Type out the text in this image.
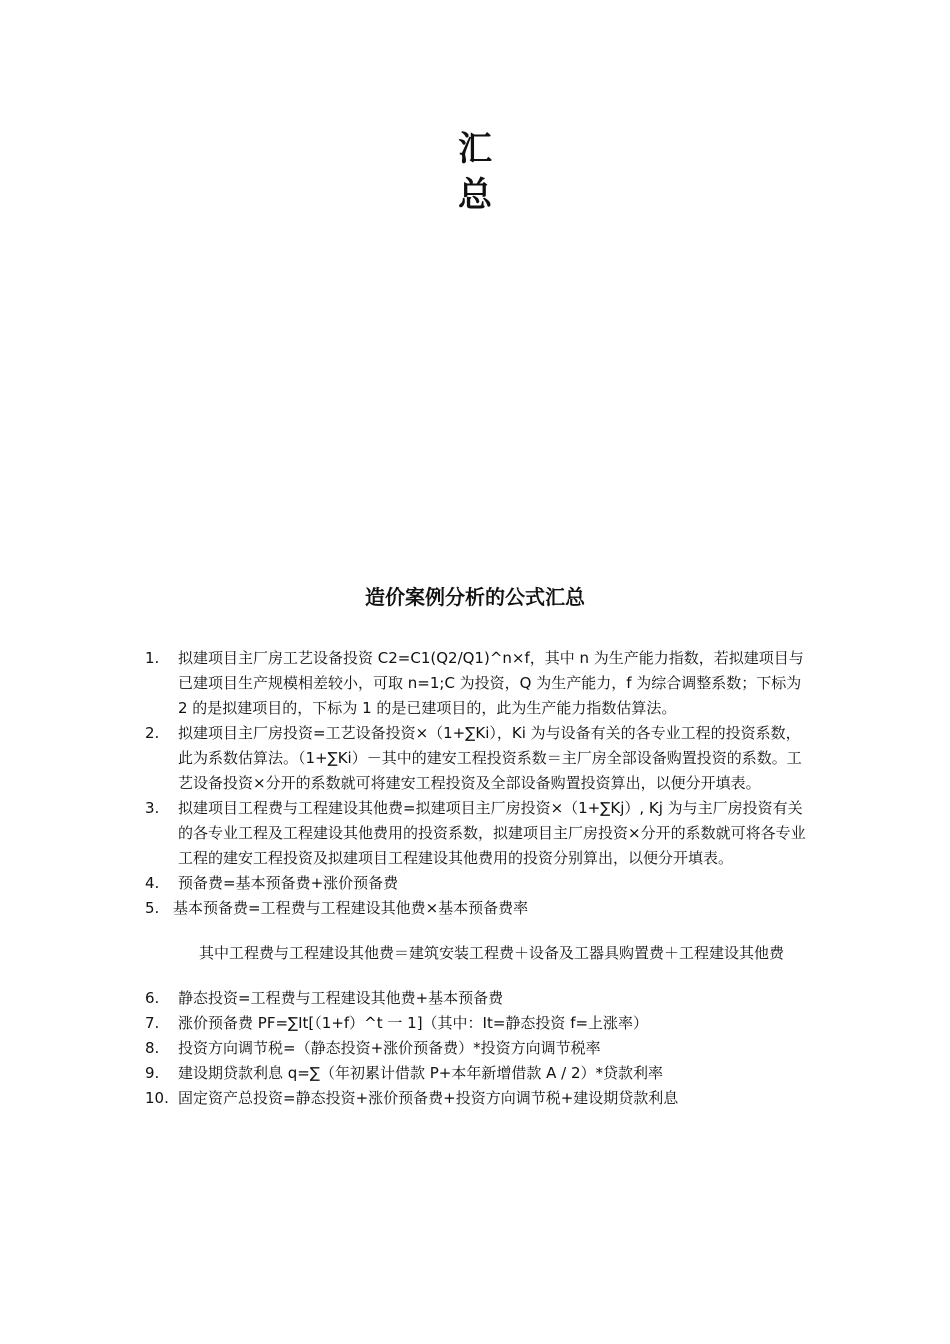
汇
总
造价案例分析的公式汇总
1.	拟建项目主厂房工艺设备投资 C2=C1(Q2/Q1)^n×f，其中 n 为生产能力指数，若拟建项目与已建项目生产规模相差较小，可取 n=1;C 为投资，Q 为生产能力，f 为综合调整系数；下标为 2 的是拟建项目的，下标为 1 的是已建项目的，此为生产能力指数估算法。
2.	拟建项目主厂房投资=工艺设备投资×（1+∑Ki），Ki 为与设备有关的各专业工程的投资系数，此为系数估算法。（1+∑Ki）－其中的建安工程投资系数＝主厂房全部设备购置投资的系数。工艺设备投资×分开的系数就可将建安工程投资及全部设备购置投资算出，以便分开填表。
3.	拟建项目工程费与工程建设其他费=拟建项目主厂房投资×（1+∑Kj）, Kj 为与主厂房投资有关的各专业工程及工程建设其他费用的投资系数，拟建项目主厂房投资×分开的系数就可将各专业工程的建安工程投资及拟建项目工程建设其他费用的投资分别算出，以便分开填表。
4.	预备费=基本预备费+涨价预备费
5. 基本预备费=工程费与工程建设其他费×基本预备费率
其中工程费与工程建设其他费＝建筑安装工程费＋设备及工器具购置费＋工程建设其他费
6.	静态投资=工程费与工程建设其他费+基本预备费
7.	涨价预备费 PF=∑It[（1+f）^t 一 1]（其中：It=静态投资 f=上涨率）
8.	投资方向调节税=（静态投资+涨价预备费）*投资方向调节税率
9.	建设期贷款利息 q=∑（年初累计借款 P+本年新增借款 A / 2）*贷款利率
10. 固定资产总投资=静态投资+涨价预备费+投资方向调节税+建设期贷款利息
